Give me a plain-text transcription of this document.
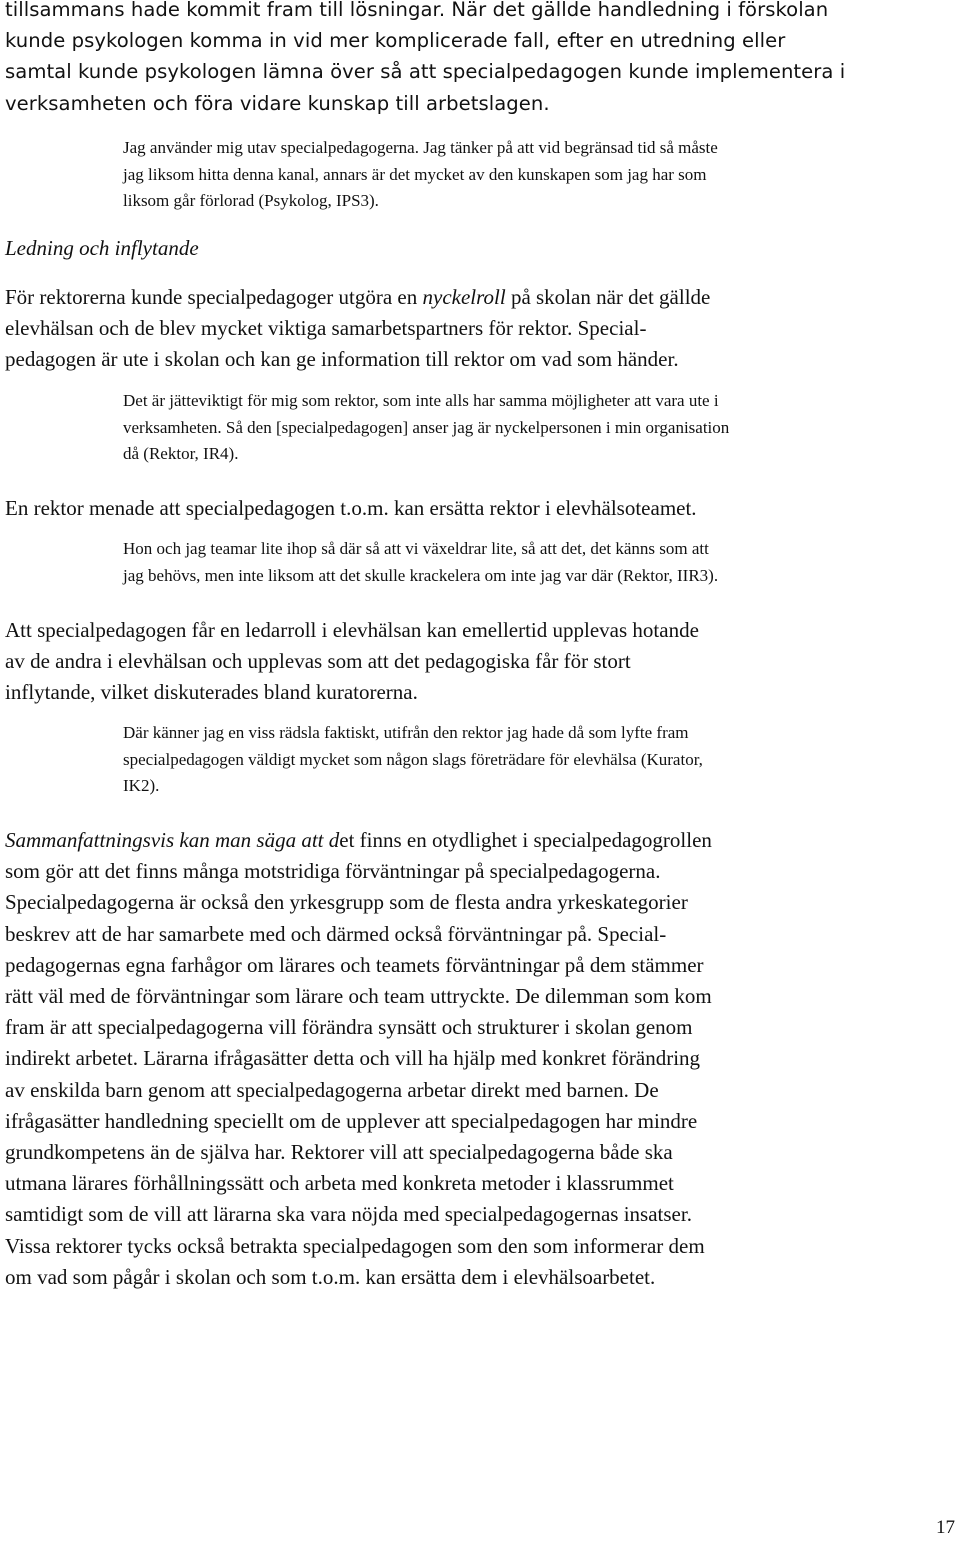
tillsammans hade kommit fram till lösningar. När det gällde handledning i förskolan
kunde psykologen komma in vid mer komplicerade fall, efter en utredning eller
samtal kunde psykologen lämna över så att specialpedagogen kunde implementera i
verksamheten och föra vidare kunskap till arbetslagen.
Jag använder mig utav specialpedagogerna. Jag tänker på att vid begränsad tid så måste
jag liksom hitta denna kanal, annars är det mycket av den kunskapen som jag har som
liksom går förlorad (Psykolog, IPS3).

Ledning och inflytande

För rektorerna kunde specialpedagoger utgöra en nyckelroll på skolan när det gällde
elevhälsan och de blev mycket viktiga samarbetspartners för rektor. Special-
pedagogen är ute i skolan och kan ge information till rektor om vad som händer.
Det är jätteviktigt för mig som rektor, som inte alls har samma möjligheter att vara ute i
verksamheten. Så den [specialpedagogen] anser jag är nyckelpersonen i min organisation
då (Rektor, IR4).
En rektor menade att specialpedagogen t.o.m. kan ersätta rektor i elevhälsoteamet.
Hon och jag teamar lite ihop så där så att vi växeldrar lite, så att det, det känns som att
jag behövs, men inte liksom att det skulle krackelera om inte jag var där (Rektor, IIR3).
Att specialpedagogen får en ledarroll i elevhälsan kan emellertid upplevas hotande
av de andra i elevhälsan och upplevas som att det pedagogiska får för stort
inflytande, vilket diskuterades bland kuratorerna.
Där känner jag en viss rädsla faktiskt, utifrån den rektor jag hade då som lyfte fram
specialpedagogen väldigt mycket som någon slags företrädare för elevhälsa (Kurator,
IK2).
Sammanfattningsvis kan man säga att det finns en otydlighet i specialpedagogrollen
som gör att det finns många motstridiga förväntningar på specialpedagogerna.
Specialpedagogerna är också den yrkesgrupp som de flesta andra yrkeskategorier
beskrev att de har samarbete med och därmed också förväntningar på. Special-
pedagogernas egna farhågor om lärares och teamets förväntningar på dem stämmer
rätt väl med de förväntningar som lärare och team uttryckte. De dilemman som kom
fram är att specialpedagogerna vill förändra synsätt och strukturer i skolan genom
indirekt arbetet. Lärarna ifrågasätter detta och vill ha hjälp med konkret förändring
av enskilda barn genom att specialpedagogerna arbetar direkt med barnen. De
ifrågasätter handledning speciellt om de upplever att specialpedagogen har mindre
grundkompetens än de själva har. Rektorer vill att specialpedagogerna både ska
utmana lärares förhållningssätt och arbeta med konkreta metoder i klassrummet
samtidigt som de vill att lärarna ska vara nöjda med specialpedagogernas insatser.
Vissa rektorer tycks också betrakta specialpedagogen som den som informerar dem
om vad som pågår i skolan och som t.o.m. kan ersätta dem i elevhälsoarbetet.

17
